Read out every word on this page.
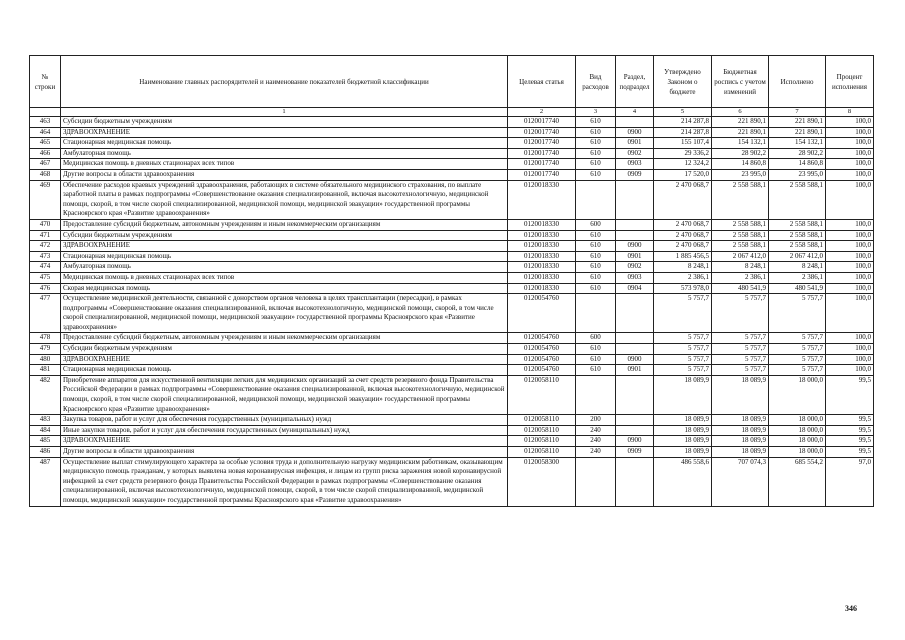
№ строки	Наименование главных распорядителей и наименование показателей бюджетной классификации	Целевая статья	Вид расходов	Раздел, подраздел	Утверждено Законом о бюджете	Бюджетная роспись с учетом изменений	Исполнено	Процент исполнения
	1	2	3	4	5	6	7	8
463	Субсидии бюджетным учреждениям	0120017740	610		214 287,8	221 890,1	221 890,1	100,0
464	ЗДРАВООХРАНЕНИЕ	0120017740	610	0900	214 287,8	221 890,1	221 890,1	100,0
465	Стационарная медицинская помощь	0120017740	610	0901	155 107,4	154 132,1	154 132,1	100,0
466	Амбулаторная помощь	0120017740	610	0902	29 336,2	28 902,2	28 902,2	100,0
467	Медицинская помощь в дневных стационарах всех типов	0120017740	610	0903	12 324,2	14 860,8	14 860,8	100,0
468	Другие вопросы в области здравоохранения	0120017740	610	0909	17 520,0	23 995,0	23 995,0	100,0
469	Обеспечение расходов краевых учреждений здравоохранения, работающих в системе обязательного медицинского страхования, по выплате заработной платы в рамках подпрограммы «Совершенствование оказания специализированной, включая высокотехнологичную, медицинской помощи, скорой, в том числе скорой специализированной, медицинской помощи, медицинской эвакуации» государственной программы Красноярского края «Развитие здравоохранения»	0120018330			2 470 068,7	2 558 588,1	2 558 588,1	100,0
470	Предоставление субсидий бюджетным, автономным учреждениям и иным некоммерческим организациям	0120018330	600		2 470 068,7	2 558 588,1	2 558 588,1	100,0
471	Субсидии бюджетным учреждениям	0120018330	610		2 470 068,7	2 558 588,1	2 558 588,1	100,0
472	ЗДРАВООХРАНЕНИЕ	0120018330	610	0900	2 470 068,7	2 558 588,1	2 558 588,1	100,0
473	Стационарная медицинская помощь	0120018330	610	0901	1 885 456,5	2 067 412,0	2 067 412,0	100,0
474	Амбулаторная помощь	0120018330	610	0902	8 248,1	8 248,1	8 248,1	100,0
475	Медицинская помощь в дневных стационарах всех типов	0120018330	610	0903	2 386,1	2 386,1	2 386,1	100,0
476	Скорая медицинская помощь	0120018330	610	0904	573 978,0	480 541,9	480 541,9	100,0
477	Осуществление медицинской деятельности, связанной с донорством органов человека в целях трансплантации (пересадки), в рамках подпрограммы «Совершенствование оказания специализированной, включая высокотехнологичную, медицинской помощи, скорой, в том числе скорой специализированной, медицинской помощи, медицинской эвакуации» государственной программы Красноярского края «Развитие здравоохранения»	0120054760			5 757,7	5 757,7	5 757,7	100,0
478	Предоставление субсидий бюджетным, автономным учреждениям и иным некоммерческим организациям	0120054760	600		5 757,7	5 757,7	5 757,7	100,0
479	Субсидии бюджетным учреждениям	0120054760	610		5 757,7	5 757,7	5 757,7	100,0
480	ЗДРАВООХРАНЕНИЕ	0120054760	610	0900	5 757,7	5 757,7	5 757,7	100,0
481	Стационарная медицинская помощь	0120054760	610	0901	5 757,7	5 757,7	5 757,7	100,0
482	Приобретение аппаратов для искусственной вентиляции легких для медицинских организаций за счет средств резервного фонда Правительства Российской Федерации в рамках подпрограммы «Совершенствование оказания специализированной, включая высокотехнологичную, медицинской помощи, скорой, в том числе скорой специализированной, медицинской помощи, медицинской эвакуации» государственной программы Красноярского края «Развитие здравоохранения»	0120058110			18 089,9	18 089,9	18 000,0	99,5
483	Закупка товаров, работ и услуг для обеспечения государственных (муниципальных) нужд	0120058110	200		18 089,9	18 089,9	18 000,0	99,5
484	Иные закупки товаров, работ и услуг для обеспечения государственных (муниципальных) нужд	0120058110	240		18 089,9	18 089,9	18 000,0	99,5
485	ЗДРАВООХРАНЕНИЕ	0120058110	240	0900	18 089,9	18 089,9	18 000,0	99,5
486	Другие вопросы в области здравоохранения	0120058110	240	0909	18 089,9	18 089,9	18 000,0	99,5
487	Осуществление выплат стимулирующего характера за особые условия труда и дополнительную нагрузку медицинским работникам, оказывающим медицинскую помощь гражданам, у которых выявлена новая коронавирусная инфекция, и лицам из групп риска заражения новой коронавирусной инфекцией за счет средств резервного фонда Правительства Российской Федерации в рамках подпрограммы «Совершенствование оказания специализированной, включая высокотехнологичную, медицинской помощи, скорой, в том числе скорой специализированной, медицинской помощи, медицинской эвакуации» государственной программы Красноярского края «Развитие здравоохранения»	0120058300			486 558,6	707 074,3	685 554,2	97,0
346
